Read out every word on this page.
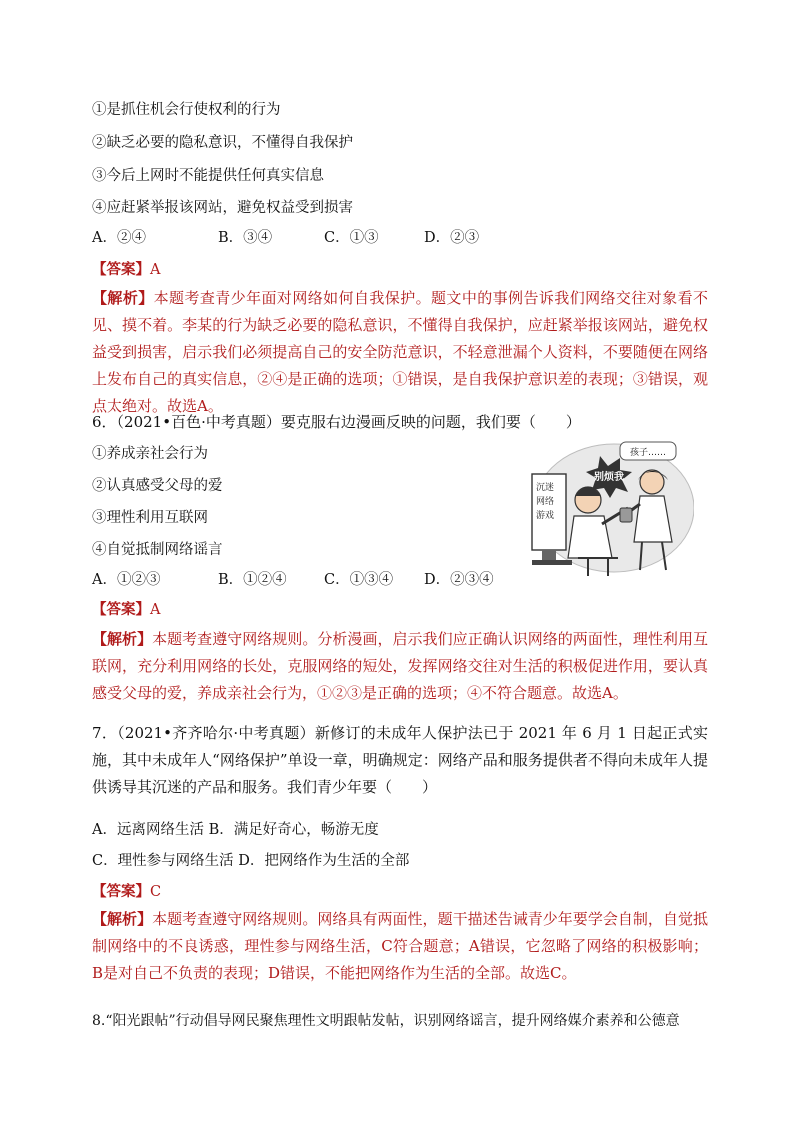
①是抓住机会行使权利的行为
②缺乏必要的隐私意识，不懂得自我保护
③今后上网时不能提供任何真实信息
④应赶紧举报该网站，避免权益受到损害
A．②④	B．③④	C．①③	D．②③
【答案】A
【解析】本题考查青少年面对网络如何自我保护。题文中的事例告诉我们网络交往对象看不见、摸不着。李某的行为缺乏必要的隐私意识，不懂得自我保护，应赶紧举报该网站，避免权益受到损害，启示我们必须提高自己的安全防范意识，不轻意泄漏个人资料，不要随便在网络上发布自己的真实信息，②④是正确的选项；①错误，是自我保护意识差的表现；③错误，观点太绝对。故选A。
6．（2021•百色·中考真题）要克服右边漫画反映的问题，我们要（　　）
①养成亲社会行为
②认真感受父母的爱
③理性利用互联网
④自觉抵制网络谣言
A．①②③	B．①②④	C．①③④ D．②③④
孩子……
沉迷网络游戏
别烦我
【答案】A
【解析】本题考查遵守网络规则。分析漫画，启示我们应正确认识网络的两面性，理性利用互联网，充分利用网络的长处，克服网络的短处，发挥网络交往对生活的积极促进作用，要认真感受父母的爱，养成亲社会行为，①②③是正确的选项；④不符合题意。故选A。
7．（2021•齐齐哈尔·中考真题）新修订的未成年人保护法已于 2021 年 6 月 1 日起正式实施，其中未成年人“网络保护”单设一章，明确规定：网络产品和服务提供者不得向未成年人提供诱导其沉迷的产品和服务。我们青少年要（　　）
A．远离网络生活 B．满足好奇心，畅游无度
C．理性参与网络生活 D．把网络作为生活的全部
【答案】C
【解析】本题考查遵守网络规则。网络具有两面性，题干描述告诫青少年要学会自制，自觉抵制网络中的不良诱惑，理性参与网络生活，C符合题意；A错误，它忽略了网络的积极影响；B是对自己不负责的表现；D错误，不能把网络作为生活的全部。故选C。
8.“阳光跟帖”行动倡导网民聚焦理性文明跟帖发帖，识别网络谣言，提升网络媒介素养和公德意
